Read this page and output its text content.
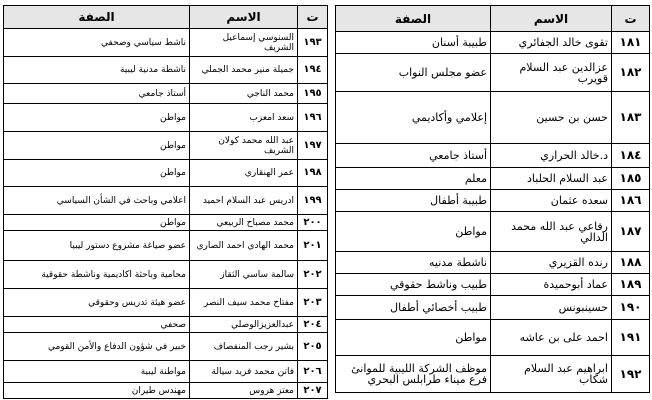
ت	الاسم	الصفة
١٨١	تقوى خالد الجفائري	طبيبة أسنان
١٨٢	عزالدين عبد السلام قويرب	عضو مجلس النواب
١٨٣	حسن بن حسين	إعلامي وأكاديمي
١٨٤	د.خالد الحراري	أستاذ جامعي
١٨٥	عبد السلام الحلباد	معلم
١٨٦	سعده عثمان	طبيبة أطفال
١٨٧	رفاعي عبد الله محمد الدالي	مواطن
١٨٨	رنده القزيري	ناشطة مدنيه
١٨٩	عماد أبوحميدة	طبيب وناشط حقوقي
١٩٠	حسينبونس	طبيب أخصائي أطفال
١٩١	احمد على بن عاشه	مواطن
١٩٢	ابراهيم عبد السلام شكاب	موظف الشركة الليبية للموانئ فرع ميناء طرابلس البحري
ت	الاسم	الصفة
١٩٣	السنوسي إسماعيل الشريف	ناشط سياسي وصحفي
١٩٤	جميلة منير محمد الجملي	ناشطة مدنية ليبية
١٩٥	محمد الناجي	أستاذ جامعي
١٩٦	سعد امعزب	مواطن
١٩٧	عبد الله محمد كولان الشريف	مواطن
١٩٨	عمر الهنقاري	مواطن
١٩٩	ادريس عبد السلام احميد	اعلامي وباحث في الشأن السياسي
٢٠٠	محمد مصباح الربيعي	مواطن
٢٠١	محمد الهادي احمد الصاري	عضو صياغة مشروع دستور ليبيا
٢٠٢	سالمة ساسي الثقاز	محامية وباحثة اكاديمية وناشطة حقوقية
٢٠٣	مفتاح محمد سيف النصر	عضو هيئة تدريس وحقوقي
٢٠٤	عبدالعزيزالوصلي	صحفي
٢٠٥	بشير رجب المنفصاف	خبير في شؤون الدفاع والأمن القومي
٢٠٦	فاتن محمد فريد سيالة	مواطنة ليبية
٢٠٧	معتز هروس	مهندس طيران
